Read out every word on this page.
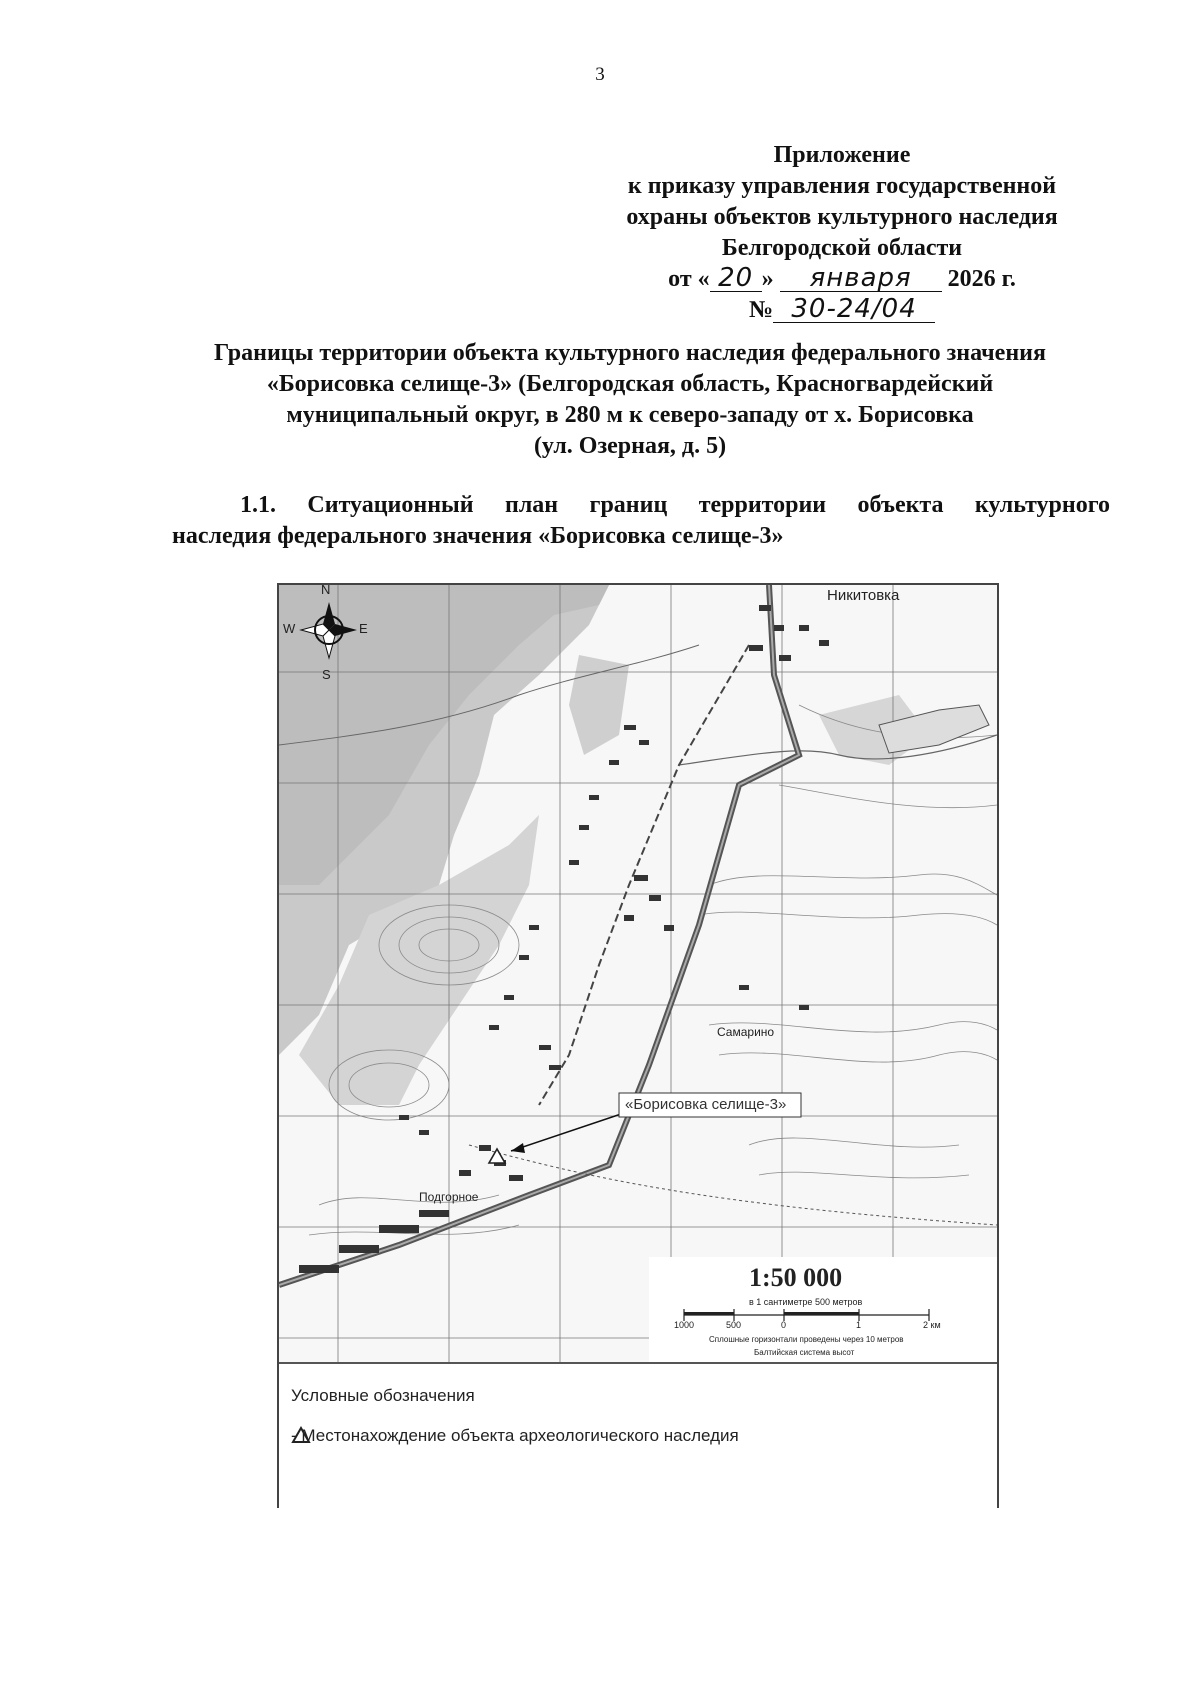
3
Приложение
к приказу управления государственной
охраны объектов культурного наследия
Белгородской области
от « 20 » января 2026 г.
№ 30-24/04
Границы территории объекта культурного наследия федерального значения
«Борисовка селище-3» (Белгородская область, Красногвардейский
муниципальный округ, в 280 м к северо-западу от х. Борисовка
(ул. Озерная, д. 5)
1.1. Ситуационный план границ территории объекта культурного
наследия федерального значения «Борисовка селище-3»
N
S
E
W
Никитовка
Самарино
Подгорное
«Борисовка селище-3»
1:50 000
в 1 сантиметре 500 метров
1000	500	0	1	2 км
Сплошные горизонтали проведены через 10 метров
Балтийская система высот
Условные обозначения
- Местонахождение объекта археологического наследия
